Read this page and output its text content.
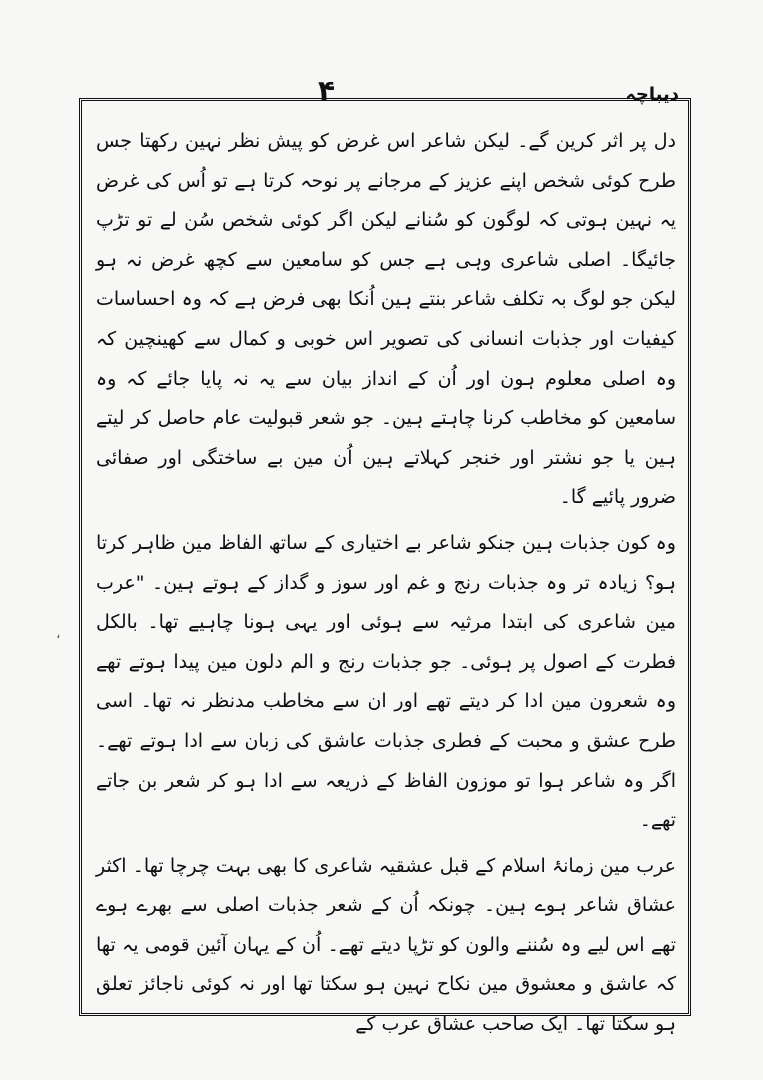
دیباچہ
۴

دل پر اثر کرین گے۔ لیکن شاعر اس غرض کو پیش نظر نہین رکھتا جس طرح کوئی شخص اپنے عزیز کے مرجانے پر نوحہ کرتا ہے تو اُس کی غرض یہ نہین ہوتی کہ لوگون کو سُنانے لیکن اگر کوئی شخص سُن لے تو تڑپ جائیگا۔ اصلی شاعری وہی ہے جس کو سامعین سے کچھ غرض نہ ہو لیکن جو لوگ بہ تکلف شاعر بنتے ہین اُنکا بھی فرض ہے کہ وہ احساسات کیفیات اور جذبات انسانی کی تصویر اس خوبی و کمال سے کھینچین کہ وہ اصلی معلوم ہون اور اُن کے انداز بیان سے یہ نہ پایا جائے کہ وہ سامعین کو مخاطب کرنا چاہتے ہین۔ جو شعر قبولیت عام حاصل کر لیتے ہین یا جو نشتر اور خنجر کہلاتے ہین اُن مین بے ساختگی اور صفائی ضرور پائیے گا۔

وہ کون جذبات ہین جنکو شاعر بے اختیاری کے ساتھ الفاظ مین ظاہر کرتا ہو؟ زیادہ تر وہ جذبات رنج و غم اور سوز و گداز کے ہوتے ہین۔ "عرب مین شاعری کی ابتدا مرثیہ سے ہوئی اور یہی ہونا چاہیے تھا۔ بالکل فطرت کے اصول پر ہوئی۔ جو جذبات رنج و الم دلون مین پیدا ہوتے تھے وہ شعرون مین ادا کر دیتے تھے اور ان سے مخاطب مدنظر نہ تھا۔ اسی طرح عشق و محبت کے فطری جذبات عاشق کی زبان سے ادا ہوتے تھے۔ اگر وہ شاعر ہوا تو موزون الفاظ کے ذریعہ سے ادا ہو کر شعر بن جاتے تھے۔

عرب مین زمانۂ اسلام کے قبل عشقیہ شاعری کا بھی بہت چرچا تھا۔ اکثر عشاق شاعر ہوے ہین۔ چونکہ اُن کے شعر جذبات اصلی سے بھرے ہوے تھے اس لیے وہ سُننے والون کو تڑپا دیتے تھے۔ اُن کے یہان آئین قومی یہ تھا کہ عاشق و معشوق مین نکاح نہین ہو سکتا تھا اور نہ کوئی ناجائز تعلق ہو سکتا تھا۔ ایک صاحب عشاق عرب کے

،
